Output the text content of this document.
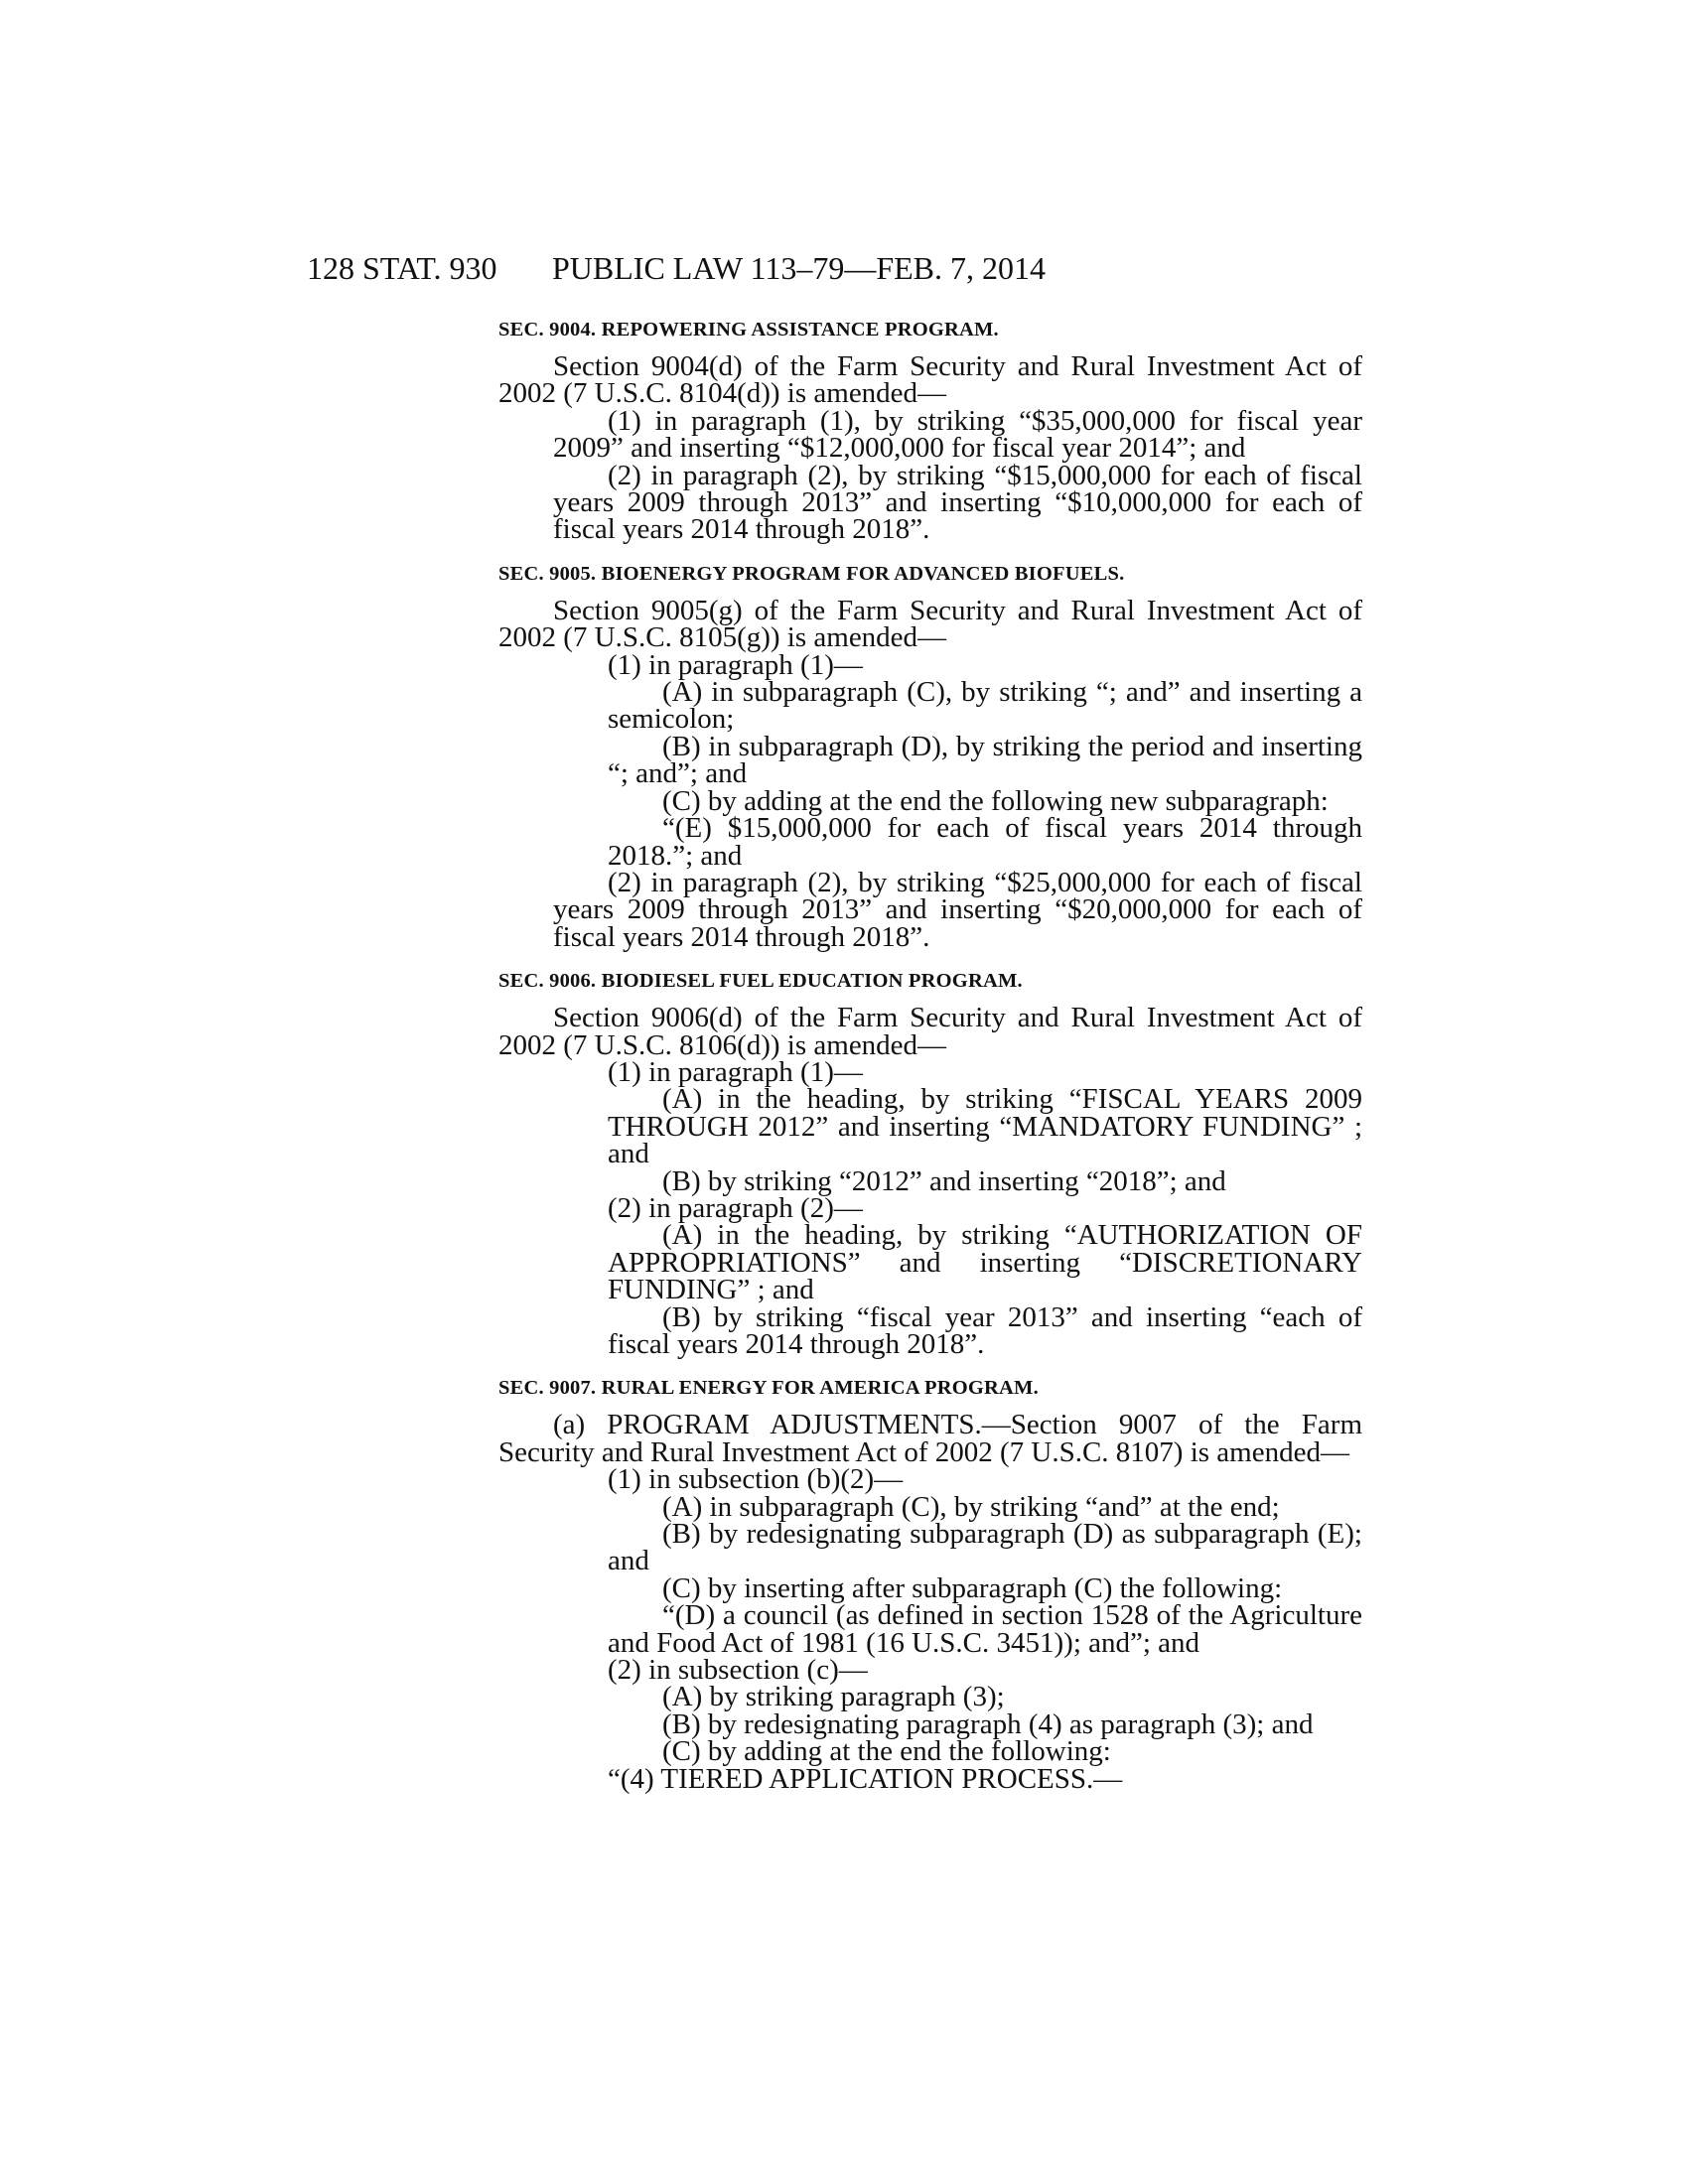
128 STAT. 930 PUBLIC LAW 113–79—FEB. 7, 2014
SEC. 9004. REPOWERING ASSISTANCE PROGRAM.

Section 9004(d) of the Farm Security and Rural Investment Act of 2002 (7 U.S.C. 8104(d)) is amended—

(1) in paragraph (1), by striking “$35,000,000 for fiscal year 2009” and inserting “$12,000,000 for fiscal year 2014”; and

(2) in paragraph (2), by striking “$15,000,000 for each of fiscal years 2009 through 2013” and inserting “$10,000,000 for each of fiscal years 2014 through 2018”.

SEC. 9005. BIOENERGY PROGRAM FOR ADVANCED BIOFUELS.

Section 9005(g) of the Farm Security and Rural Investment Act of 2002 (7 U.S.C. 8105(g)) is amended—

(1) in paragraph (1)—

(A) in subparagraph (C), by striking “; and” and inserting a semicolon;

(B) in subparagraph (D), by striking the period and inserting “; and”; and

(C) by adding at the end the following new subparagraph:

“(E) $15,000,000 for each of fiscal years 2014 through 2018.”; and

(2) in paragraph (2), by striking “$25,000,000 for each of fiscal years 2009 through 2013” and inserting “$20,000,000 for each of fiscal years 2014 through 2018”.

SEC. 9006. BIODIESEL FUEL EDUCATION PROGRAM.

Section 9006(d) of the Farm Security and Rural Investment Act of 2002 (7 U.S.C. 8106(d)) is amended—

(1) in paragraph (1)—

(A) in the heading, by striking “FISCAL YEARS 2009 THROUGH 2012” and inserting “MANDATORY FUNDING” ; and

(B) by striking “2012” and inserting “2018”; and

(2) in paragraph (2)—

(A) in the heading, by striking “AUTHORIZATION OF APPROPRIATIONS” and inserting “DISCRETIONARY FUNDING” ; and

(B) by striking “fiscal year 2013” and inserting “each of fiscal years 2014 through 2018”.

SEC. 9007. RURAL ENERGY FOR AMERICA PROGRAM.

(a) PROGRAM ADJUSTMENTS.—Section 9007 of the Farm Security and Rural Investment Act of 2002 (7 U.S.C. 8107) is amended—

(1) in subsection (b)(2)—

(A) in subparagraph (C), by striking “and” at the end;

(B) by redesignating subparagraph (D) as subparagraph (E); and

(C) by inserting after subparagraph (C) the following:

“(D) a council (as defined in section 1528 of the Agriculture and Food Act of 1981 (16 U.S.C. 3451)); and”; and

(2) in subsection (c)—

(A) by striking paragraph (3);

(B) by redesignating paragraph (4) as paragraph (3); and

(C) by adding at the end the following:

“(4) TIERED APPLICATION PROCESS.—
